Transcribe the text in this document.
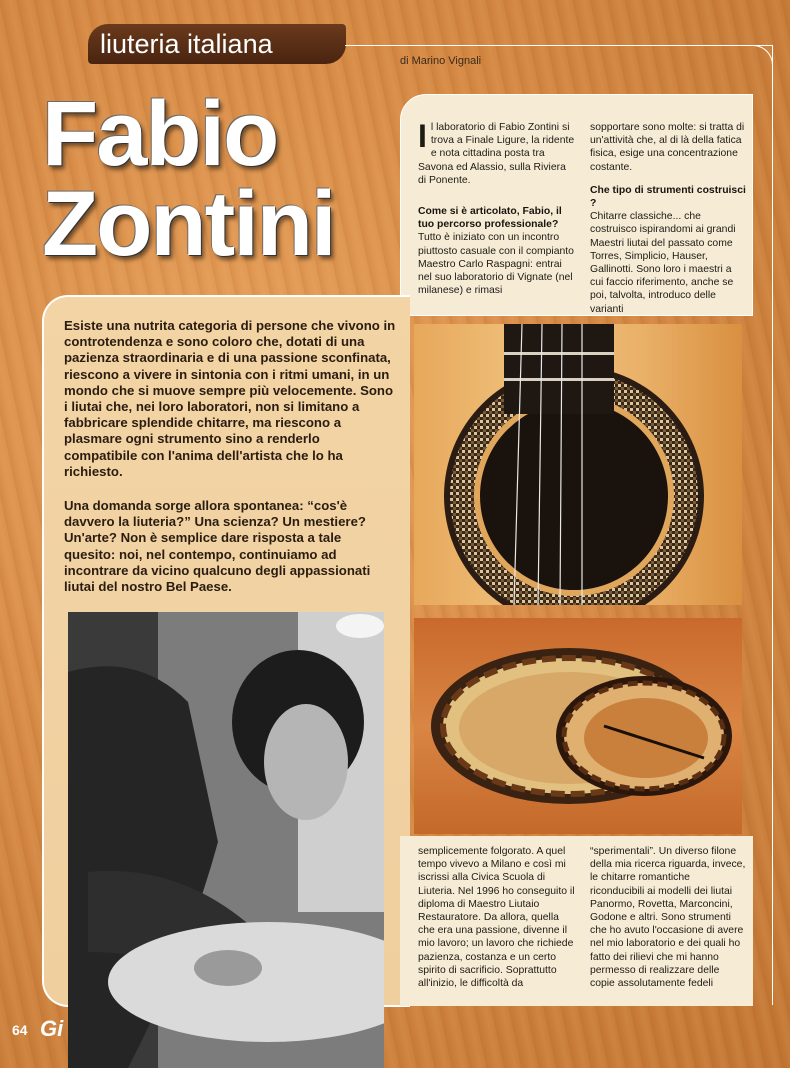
liuteria italiana
di Marino Vignali
Fabio
Zontini

Il laboratorio di Fabio Zontini si trova a Finale Ligure, la ridente e nota cittadina posta tra Savona ed Alassio, sulla Riviera di Ponente.

Come si è articolato, Fabio, il tuo percorso professionale?
Tutto è iniziato con un incontro piuttosto casuale con il compianto Maestro Carlo Raspagni: entrai nel suo laboratorio di Vignate (nel milanese) e rimasi

sopportare sono molte: si tratta di un'attività che, al di là della fatica fisica, esige una concentrazione costante.

Che tipo di strumenti costruisci ?
Chitarre classiche... che costruisco ispirandomi ai grandi Maestri liutai del passato come Torres, Simplicio, Hauser, Gallinotti. Sono loro i maestri a cui faccio riferimento, anche se poi, talvolta, introduco delle varianti

Esiste una nutrita categoria di persone che vivono in controtendenza e sono coloro che, dotati di una pazienza straordinaria e di una passione sconfinata, riescono a vivere in sintonia con i ritmi umani, in un mondo che si muove sempre più velocemente. Sono i liutai che, nei loro laboratori, non si limitano a fabbricare splendide chitarre, ma riescono a plasmare ogni strumento sino a renderlo compatibile con l'anima dell'artista che lo ha richiesto.

Una domanda sorge allora spontanea: “cos'è davvero la liuteria?” Una scienza? Un mestiere? Un'arte? Non è semplice dare risposta a tale quesito: noi, nel contempo, continuiamo ad incontrare da vicino qualcuno degli appassionati liutai del nostro Bel Paese.

semplicemente folgorato. A quel tempo vivevo a Milano e così mi iscrissi alla Civica Scuola di Liuteria. Nel 1996 ho conseguito il diploma di Maestro Liutaio Restauratore. Da allora, quella che era una passione, divenne il mio lavoro; un lavoro che richiede pazienza, costanza e un certo spirito di sacrificio. Soprattutto all'inizio, le difficoltà da

“sperimentali”. Un diverso filone della mia ricerca riguarda, invece, le chitarre romantiche riconducibili ai modelli dei liutai Panormo, Rovetta, Marconcini, Godone e altri. Sono strumenti che ho avuto l'occasione di avere nel mio laboratorio e dei quali ho fatto dei rilievi che mi hanno permesso di realizzare delle copie assolutamente fedeli

64 Gi
